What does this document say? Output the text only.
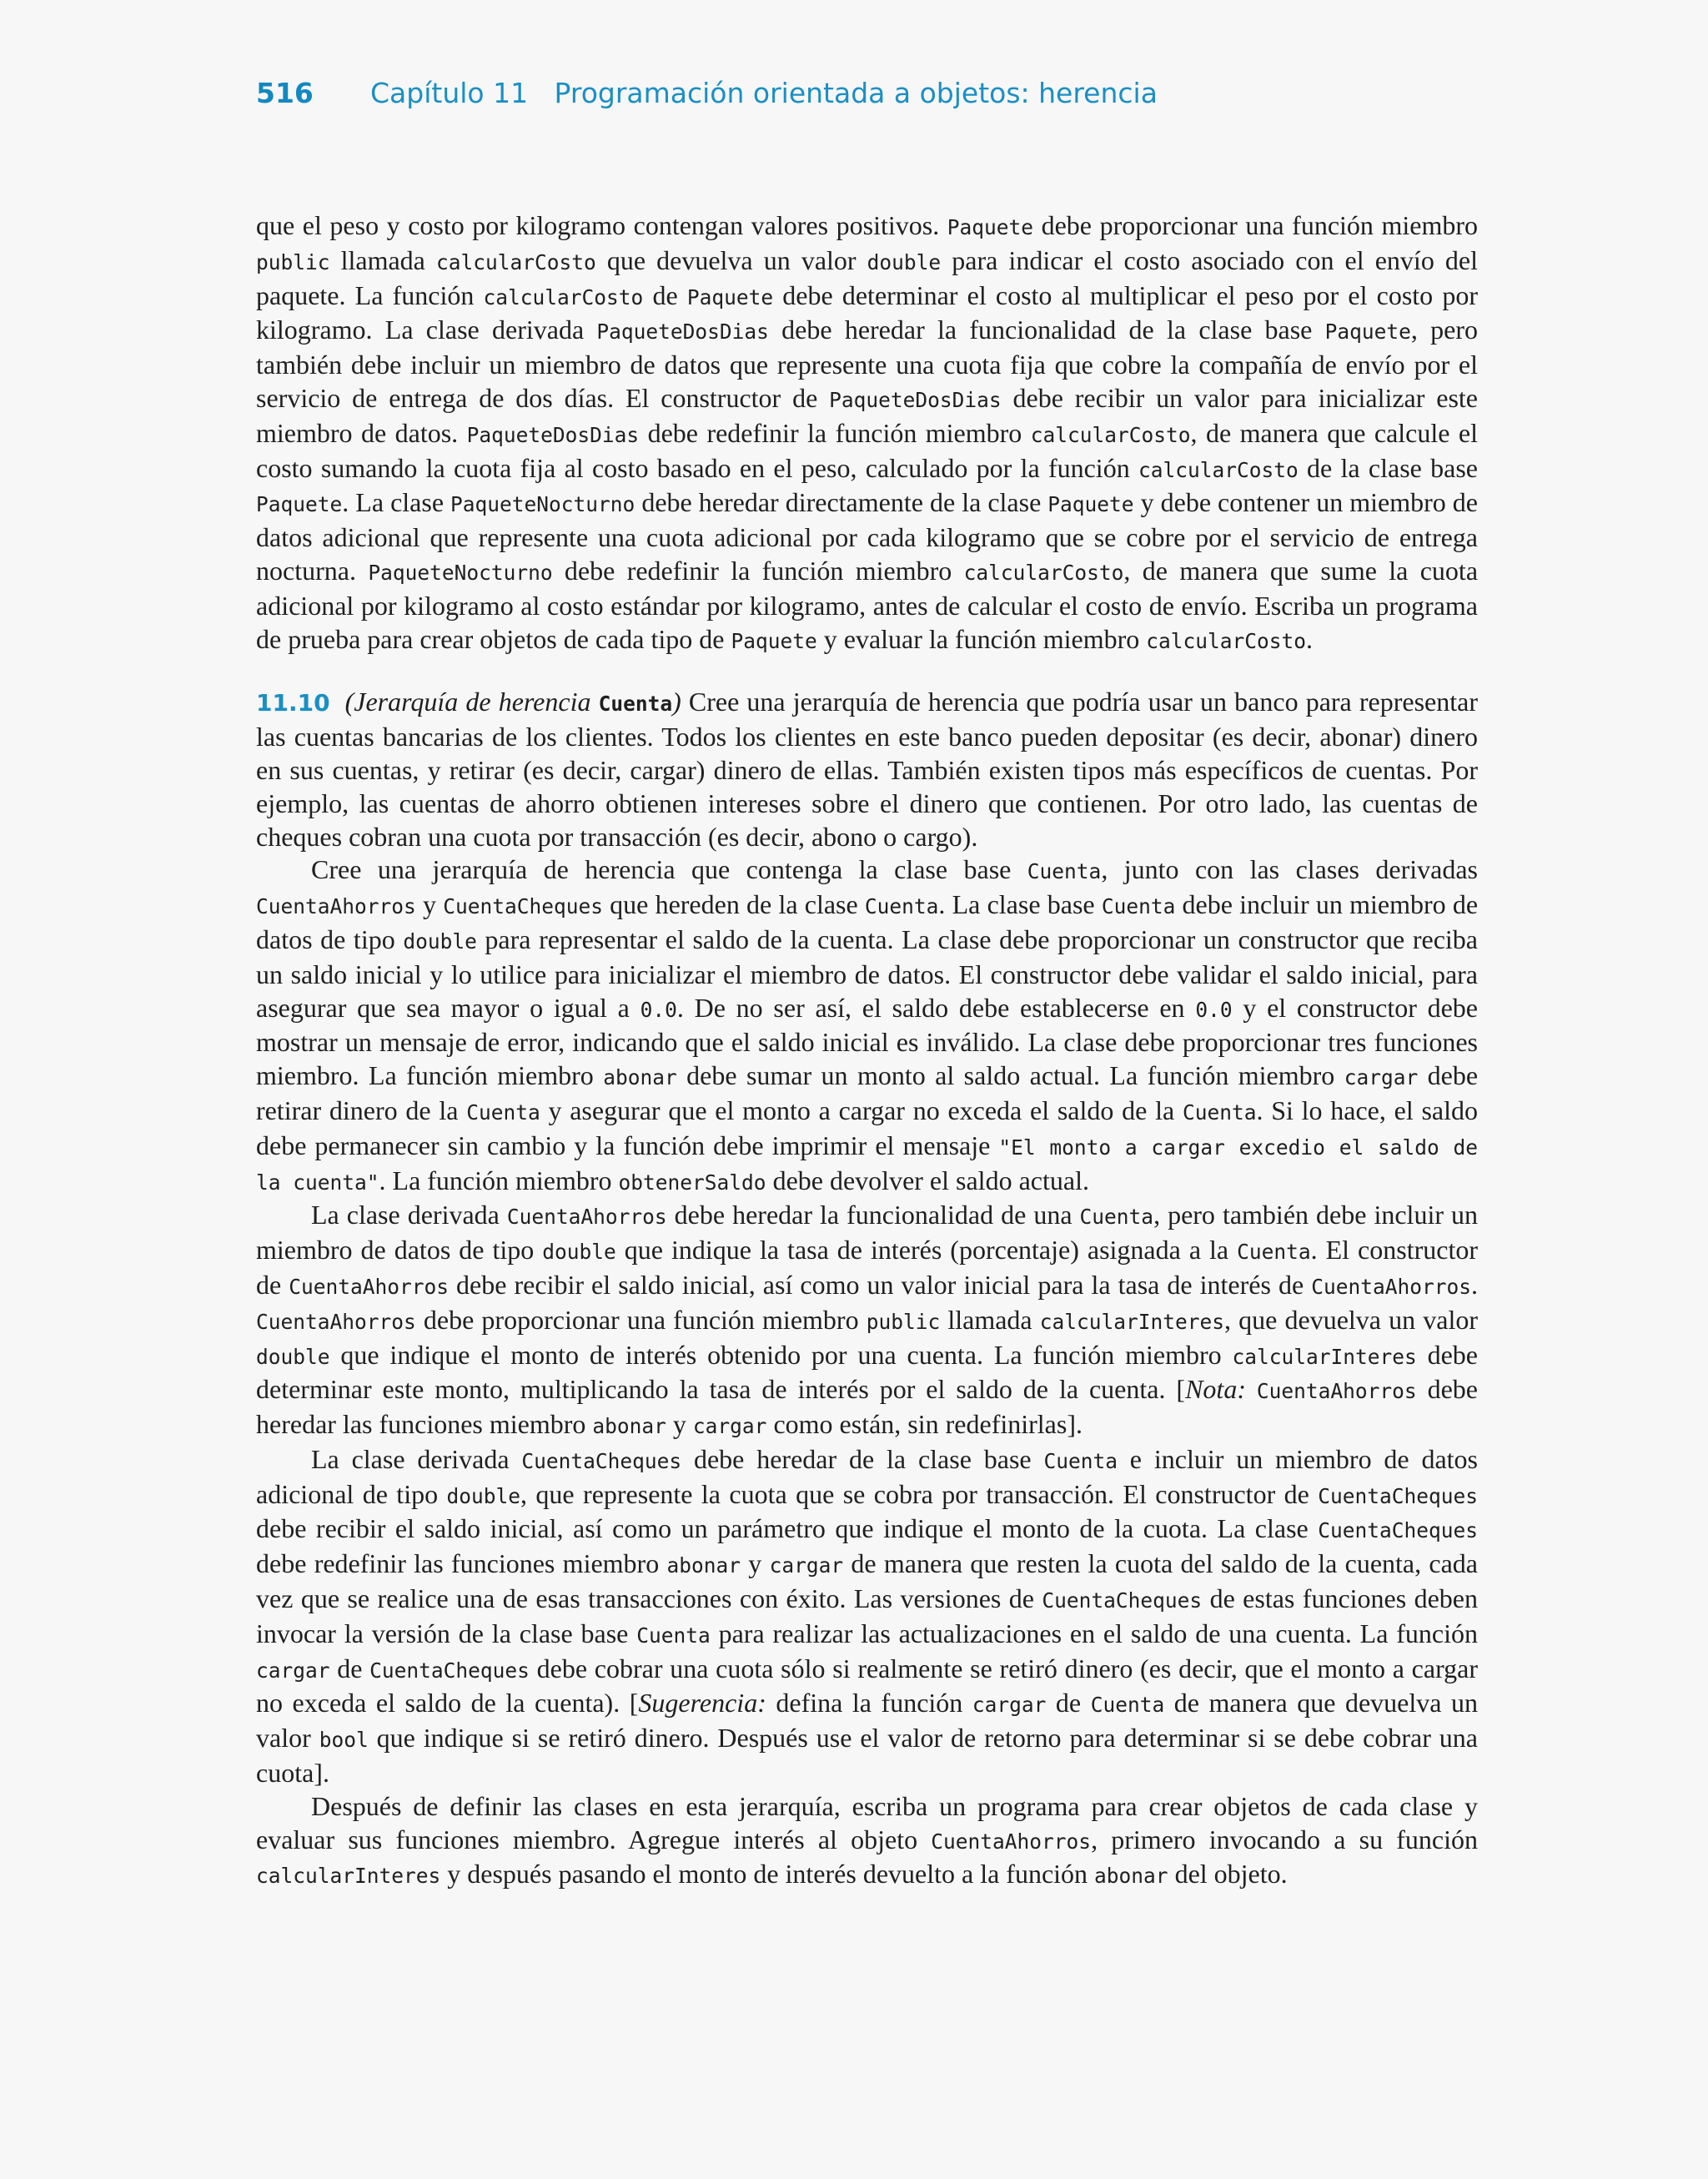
516 Capítulo 11   Programación orientada a objetos: herencia

que el peso y costo por kilogramo contengan valores positivos. Paquete debe proporcionar una función miembro public llamada calcularCosto que devuelva un valor double para indicar el costo asociado con el envío del paquete. La función calcularCosto de Paquete debe determinar el costo al multiplicar el peso por el costo por kilogramo. La clase derivada PaqueteDosDias debe heredar la funcionalidad de la clase base Paquete, pero también debe incluir un miembro de datos que represente una cuota fija que cobre la compañía de envío por el servicio de entrega de dos días. El constructor de PaqueteDosDias debe recibir un valor para inicializar este miembro de datos. PaqueteDosDias debe redefinir la función miembro calcularCosto, de manera que calcule el costo sumando la cuota fija al costo basado en el peso, calculado por la función calcularCosto de la clase base Paquete. La clase PaqueteNocturno debe heredar directamente de la clase Paquete y debe contener un miembro de datos adicional que represente una cuota adicional por cada kilogramo que se cobre por el servicio de entrega nocturna. PaqueteNocturno debe redefinir la función miembro calcularCosto, de manera que sume la cuota adicional por kilogramo al costo estándar por kilogramo, antes de calcular el costo de envío. Escriba un programa de prueba para crear objetos de cada tipo de Paquete y evaluar la función miembro calcularCosto.

11.10 (Jerarquía de herencia Cuenta) Cree una jerarquía de herencia que podría usar un banco para representar las cuentas bancarias de los clientes. Todos los clientes en este banco pueden depositar (es decir, abonar) dinero en sus cuentas, y retirar (es decir, cargar) dinero de ellas. También existen tipos más específicos de cuentas. Por ejemplo, las cuentas de ahorro obtienen intereses sobre el dinero que contienen. Por otro lado, las cuentas de cheques cobran una cuota por transacción (es decir, abono o cargo).

Cree una jerarquía de herencia que contenga la clase base Cuenta, junto con las clases derivadas CuentaAhorros y CuentaCheques que hereden de la clase Cuenta. La clase base Cuenta debe incluir un miembro de datos de tipo double para representar el saldo de la cuenta. La clase debe proporcionar un constructor que reciba un saldo inicial y lo utilice para inicializar el miembro de datos. El constructor debe validar el saldo inicial, para asegurar que sea mayor o igual a 0.0. De no ser así, el saldo debe establecerse en 0.0 y el constructor debe mostrar un mensaje de error, indicando que el saldo inicial es inválido. La clase debe proporcionar tres funciones miembro. La función miembro abonar debe sumar un monto al saldo actual. La función miembro cargar debe retirar dinero de la Cuenta y asegurar que el monto a cargar no exceda el saldo de la Cuenta. Si lo hace, el saldo debe permanecer sin cambio y la función debe imprimir el mensaje "El monto a cargar excedio el saldo de la cuenta". La función miembro obtenerSaldo debe devolver el saldo actual.

La clase derivada CuentaAhorros debe heredar la funcionalidad de una Cuenta, pero también debe incluir un miembro de datos de tipo double que indique la tasa de interés (porcentaje) asignada a la Cuenta. El constructor de CuentaAhorros debe recibir el saldo inicial, así como un valor inicial para la tasa de interés de CuentaAhorros. CuentaAhorros debe proporcionar una función miembro public llamada calcularInteres, que devuelva un valor double que indique el monto de interés obtenido por una cuenta. La función miembro calcularInteres debe determinar este monto, multiplicando la tasa de interés por el saldo de la cuenta. [Nota: CuentaAhorros debe heredar las funciones miembro abonar y cargar como están, sin redefinirlas].

La clase derivada CuentaCheques debe heredar de la clase base Cuenta e incluir un miembro de datos adicional de tipo double, que represente la cuota que se cobra por transacción. El constructor de CuentaCheques debe recibir el saldo inicial, así como un parámetro que indique el monto de la cuota. La clase CuentaCheques debe redefinir las funciones miembro abonar y cargar de manera que resten la cuota del saldo de la cuenta, cada vez que se realice una de esas transacciones con éxito. Las versiones de CuentaCheques de estas funciones deben invocar la versión de la clase base Cuenta para realizar las actualizaciones en el saldo de una cuenta. La función cargar de CuentaCheques debe cobrar una cuota sólo si realmente se retiró dinero (es decir, que el monto a cargar no exceda el saldo de la cuenta). [Sugerencia: defina la función cargar de Cuenta de manera que devuelva un valor bool que indique si se retiró dinero. Después use el valor de retorno para determinar si se debe cobrar una cuota].

Después de definir las clases en esta jerarquía, escriba un programa para crear objetos de cada clase y evaluar sus funciones miembro. Agregue interés al objeto CuentaAhorros, primero invocando a su función calcularInteres y después pasando el monto de interés devuelto a la función abonar del objeto.
